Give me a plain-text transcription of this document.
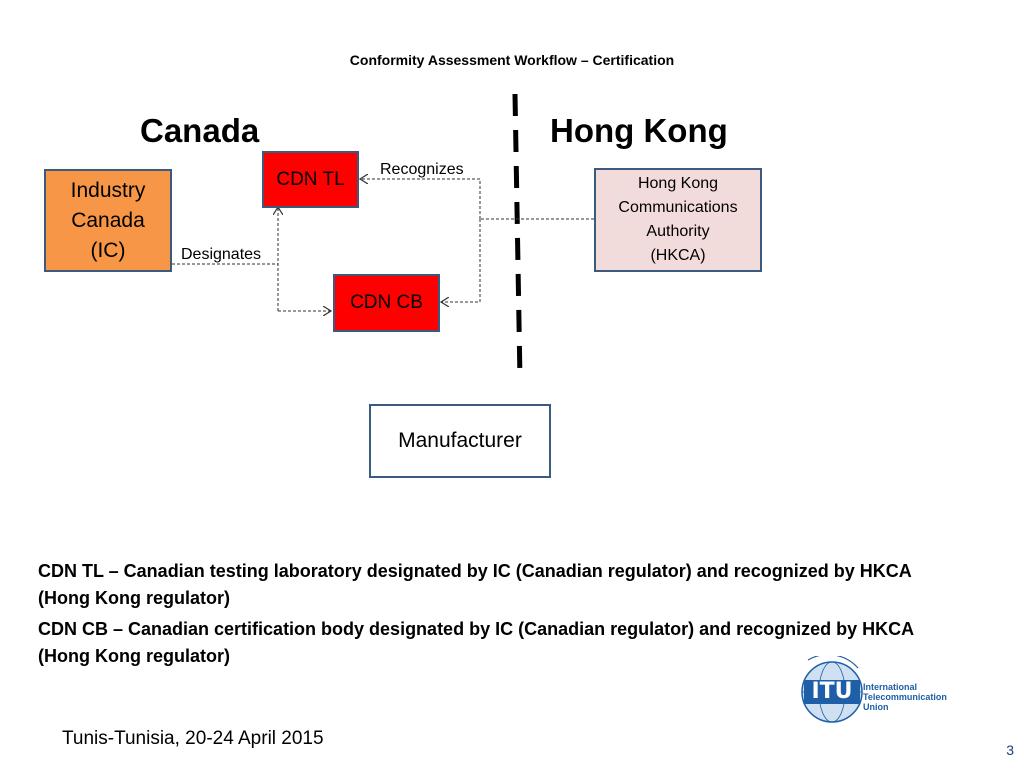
Conformity Assessment Workflow – Certification
Canada	Hong Kong
Industry
Canada
(IC)
CDN TL
CDN CB
Hong Kong
Communications
Authority
(HKCA)
Manufacturer
Designates
Recognizes

CDN TL – Canadian testing laboratory designated by IC (Canadian regulator) and recognized by HKCA (Hong Kong regulator)

CDN CB – Canadian certification body designated by IC (Canadian regulator) and recognized by HKCA (Hong Kong regulator)

ITU	International
Telecommunication
Union
Tunis-Tunisia, 20-24 April 2015
3
